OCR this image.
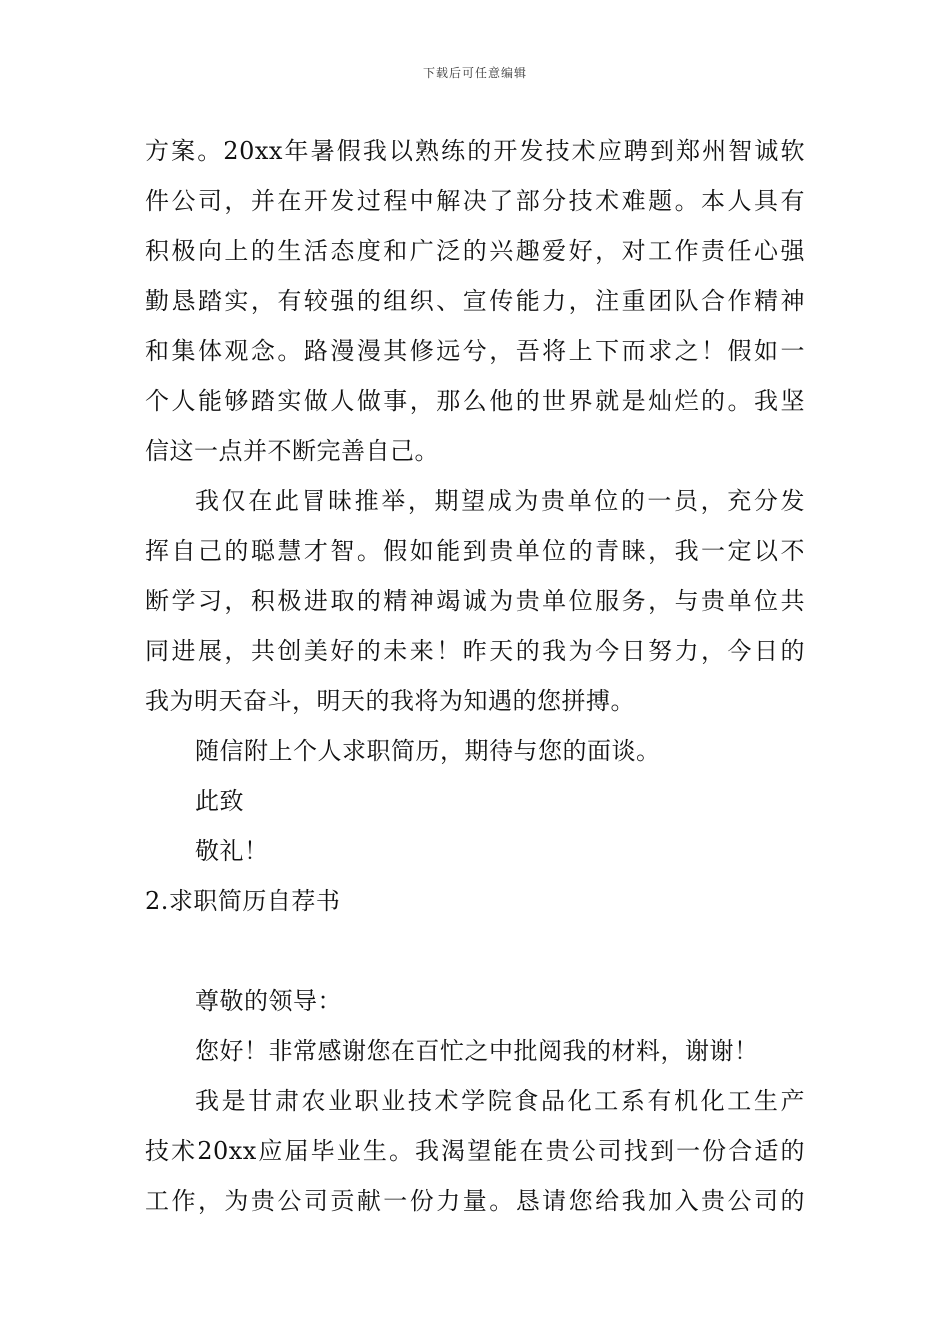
下载后可任意编辑
方案。20xx年暑假我以熟练的开发技术应聘到郑州智诚软
件公司，并在开发过程中解决了部分技术难题。本人具有
积极向上的生活态度和广泛的兴趣爱好，对工作责任心强
勤恳踏实，有较强的组织、宣传能力，注重团队合作精神
和集体观念。路漫漫其修远兮，吾将上下而求之！假如一
个人能够踏实做人做事，那么他的世界就是灿烂的。我坚
信这一点并不断完善自己。
我仅在此冒昧推举，期望成为贵单位的一员，充分发
挥自己的聪慧才智。假如能到贵单位的青睐，我一定以不
断学习，积极进取的精神竭诚为贵单位服务，与贵单位共
同进展，共创美好的未来！昨天的我为今日努力，今日的
我为明天奋斗，明天的我将为知遇的您拼搏。
随信附上个人求职简历，期待与您的面谈。
此致
敬礼！
2.求职简历自荐书
尊敬的领导：
您好！非常感谢您在百忙之中批阅我的材料，谢谢！
我是甘肃农业职业技术学院食品化工系有机化工生产
技术20xx应届毕业生。我渴望能在贵公司找到一份合适的
工作，为贵公司贡献一份力量。恳请您给我加入贵公司的
